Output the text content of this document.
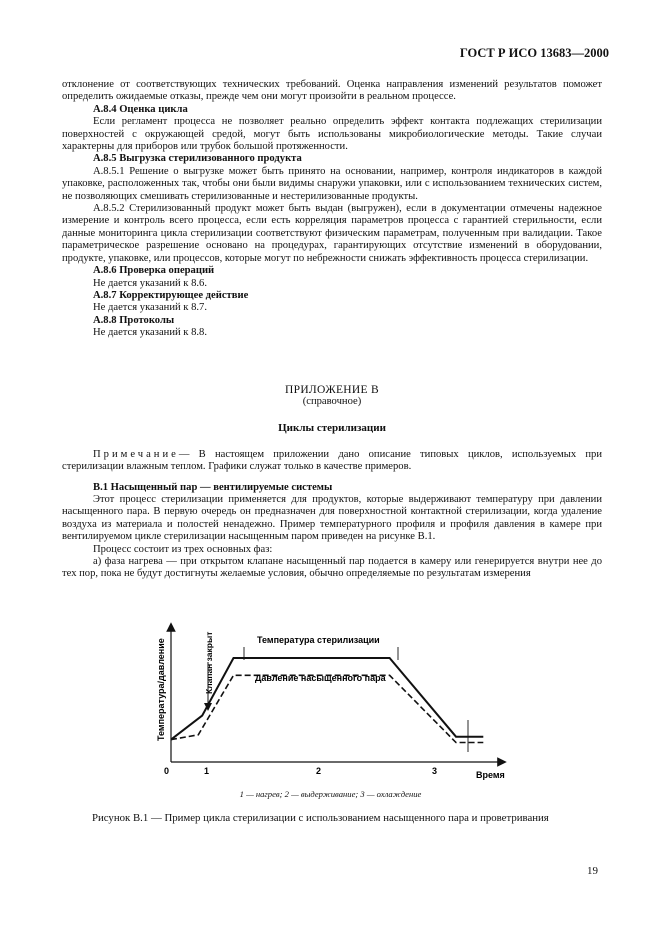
ГОСТ Р ИСО 13683—2000

отклонение от соответствующих технических требований. Оценка направления изменений результатов поможет определить ожидаемые отказы, прежде чем они могут произойти в реальном процессе.

А.8.4 Оценка цикла

Если регламент процесса не позволяет реально определить эффект контакта подлежащих стерилизации поверхностей с окружающей средой, могут быть использованы микробиологические методы. Такие случаи характерны для приборов или трубок большой протяженности.

А.8.5 Выгрузка стерилизованного продукта

А.8.5.1 Решение о выгрузке может быть принято на основании, например, контроля индикаторов в каждой упаковке, расположенных так, чтобы они были видимы снаружи упаковки, или с использованием технических систем, не позволяющих смешивать стерилизованные и нестерилизованные продукты.

А.8.5.2 Стерилизованный продукт может быть выдан (выгружен), если в документации отмечены надежное измерение и контроль всего процесса, если есть корреляция параметров процесса с гарантией стерильности, если данные мониторинга цикла стерилизации соответствуют физическим параметрам, полученным при валидации. Такое параметрическое разрешение основано на процедурах, гарантирующих отсутствие изменений в оборудовании, продукте, упаковке, или процессов, которые могут по небрежности снижать эффективность процесса стерилизации.

А.8.6 Проверка операций

Не дается указаний к 8.6.

А.8.7 Корректирующее действие

Не дается указаний к 8.7.

А.8.8 Протоколы

Не дается указаний к 8.8.

ПРИЛОЖЕНИЕ В

(справочное)

Циклы стерилизации

Примечание— В настоящем приложении дано описание типовых циклов, используемых при стерилизации влажным теплом. Графики служат только в качестве примеров.

В.1 Насыщенный пар — вентилируемые системы

Этот процесс стерилизации применяется для продуктов, которые выдерживают температуру при давлении насыщенного пара. В первую очередь он предназначен для поверхностной контактной стерилизации, когда удаление воздуха из материала и полостей ненадежно. Пример температурного профиля и профиля давления в камере при вентилируемом цикле стерилизации насыщенным паром приведен на рисунке В.1.

Процесс состоит из трех основных фаз:

а) фаза нагрева — при открытом клапане насыщенный пар подается в камеру или генерируется внутри нее до тех пор, пока не будут достигнуты желаемые условия, обычно определяемые по результатам измерения

Температура/давление	Клапан закрыт	Температура стерилизации
Давление насыщенного пара
0	1	2	3	Время
1 — нагрев; 2 — выдерживание; 3 — охлаждение
Рисунок В.1 — Пример цикла стерилизации с использованием насыщенного пара и проветривания
19
